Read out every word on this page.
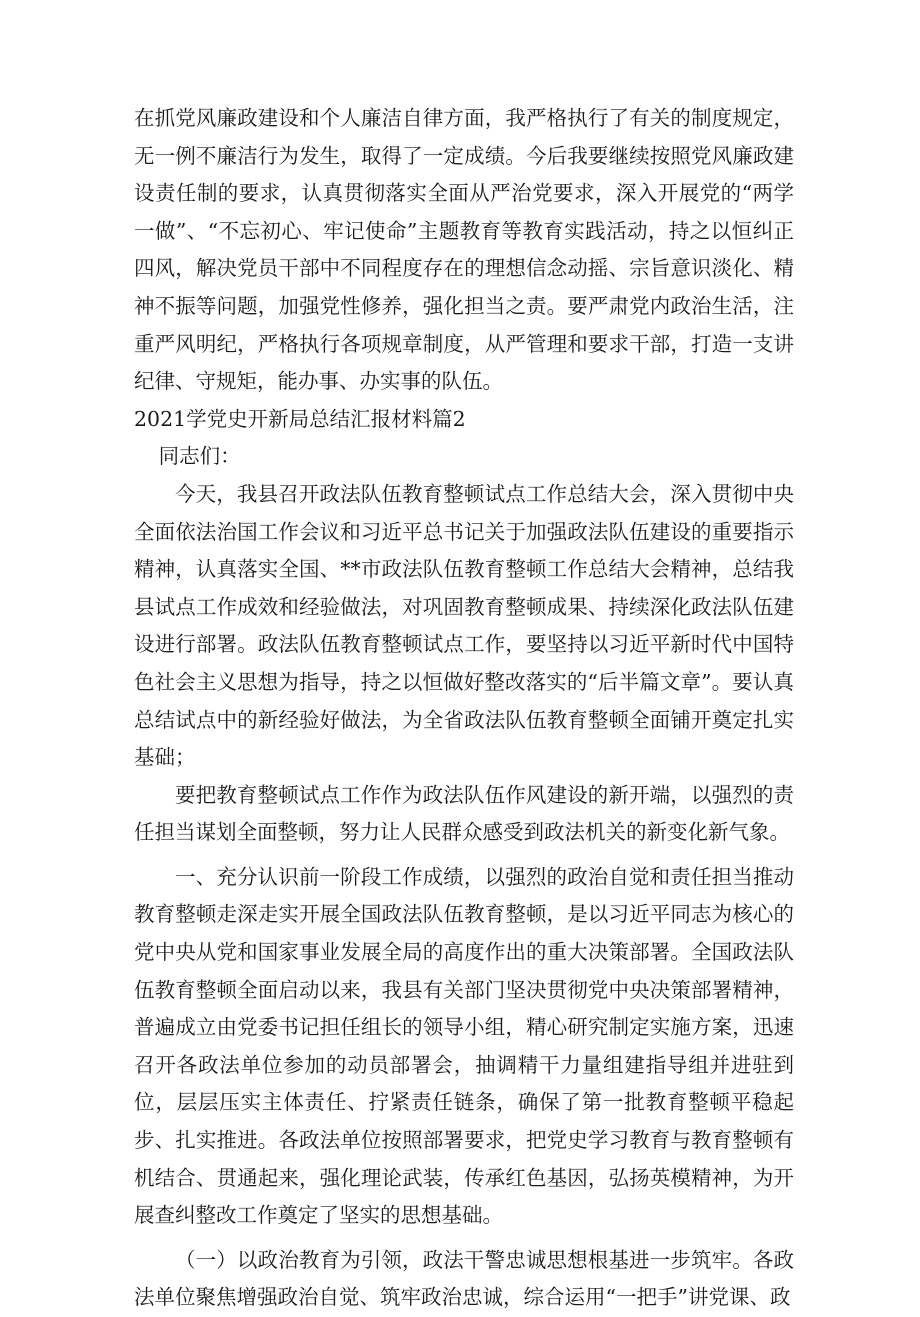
在抓党风廉政建设和个人廉洁自律方面，我严格执行了有关的制度规定，无一例不廉洁行为发生，取得了一定成绩。今后我要继续按照党风廉政建设责任制的要求，认真贯彻落实全面从严治党要求，深入开展党的“两学一做”、“不忘初心、牢记使命”主题教育等教育实践活动，持之以恒纠正四风，解决党员干部中不同程度存在的理想信念动摇、宗旨意识淡化、精神不振等问题，加强党性修养，强化担当之责。要严肃党内政治生活，注重严风明纪，严格执行各项规章制度，从严管理和要求干部，打造一支讲纪律、守规矩，能办事、办实事的队伍。

2021学党史开新局总结汇报材料篇2

同志们：

今天，我县召开政法队伍教育整顿试点工作总结大会，深入贯彻中央全面依法治国工作会议和习近平总书记关于加强政法队伍建设的重要指示精神，认真落实全国、**市政法队伍教育整顿工作总结大会精神，总结我县试点工作成效和经验做法，对巩固教育整顿成果、持续深化政法队伍建设进行部署。政法队伍教育整顿试点工作，要坚持以习近平新时代中国特色社会主义思想为指导，持之以恒做好整改落实的“后半篇文章”。要认真总结试点中的新经验好做法，为全省政法队伍教育整顿全面铺开奠定扎实基础；

要把教育整顿试点工作作为政法队伍作风建设的新开端，以强烈的责任担当谋划全面整顿，努力让人民群众感受到政法机关的新变化新气象。

一、充分认识前一阶段工作成绩，以强烈的政治自觉和责任担当推动教育整顿走深走实开展全国政法队伍教育整顿，是以习近平同志为核心的党中央从党和国家事业发展全局的高度作出的重大决策部署。全国政法队伍教育整顿全面启动以来，我县有关部门坚决贯彻党中央决策部署精神，普遍成立由党委书记担任组长的领导小组，精心研究制定实施方案，迅速召开各政法单位参加的动员部署会，抽调精干力量组建指导组并进驻到位，层层压实主体责任、拧紧责任链条，确保了第一批教育整顿平稳起步、扎实推进。各政法单位按照部署要求，把党史学习教育与教育整顿有机结合、贯通起来，强化理论武装，传承红色基因，弘扬英模精神，为开展查纠整改工作奠定了坚实的思想基础。

（一）以政治教育为引领，政法干警忠诚思想根基进一步筑牢。各政法单位聚焦增强政治自觉、筑牢政治忠诚，综合运用“一把手”讲党课、政
